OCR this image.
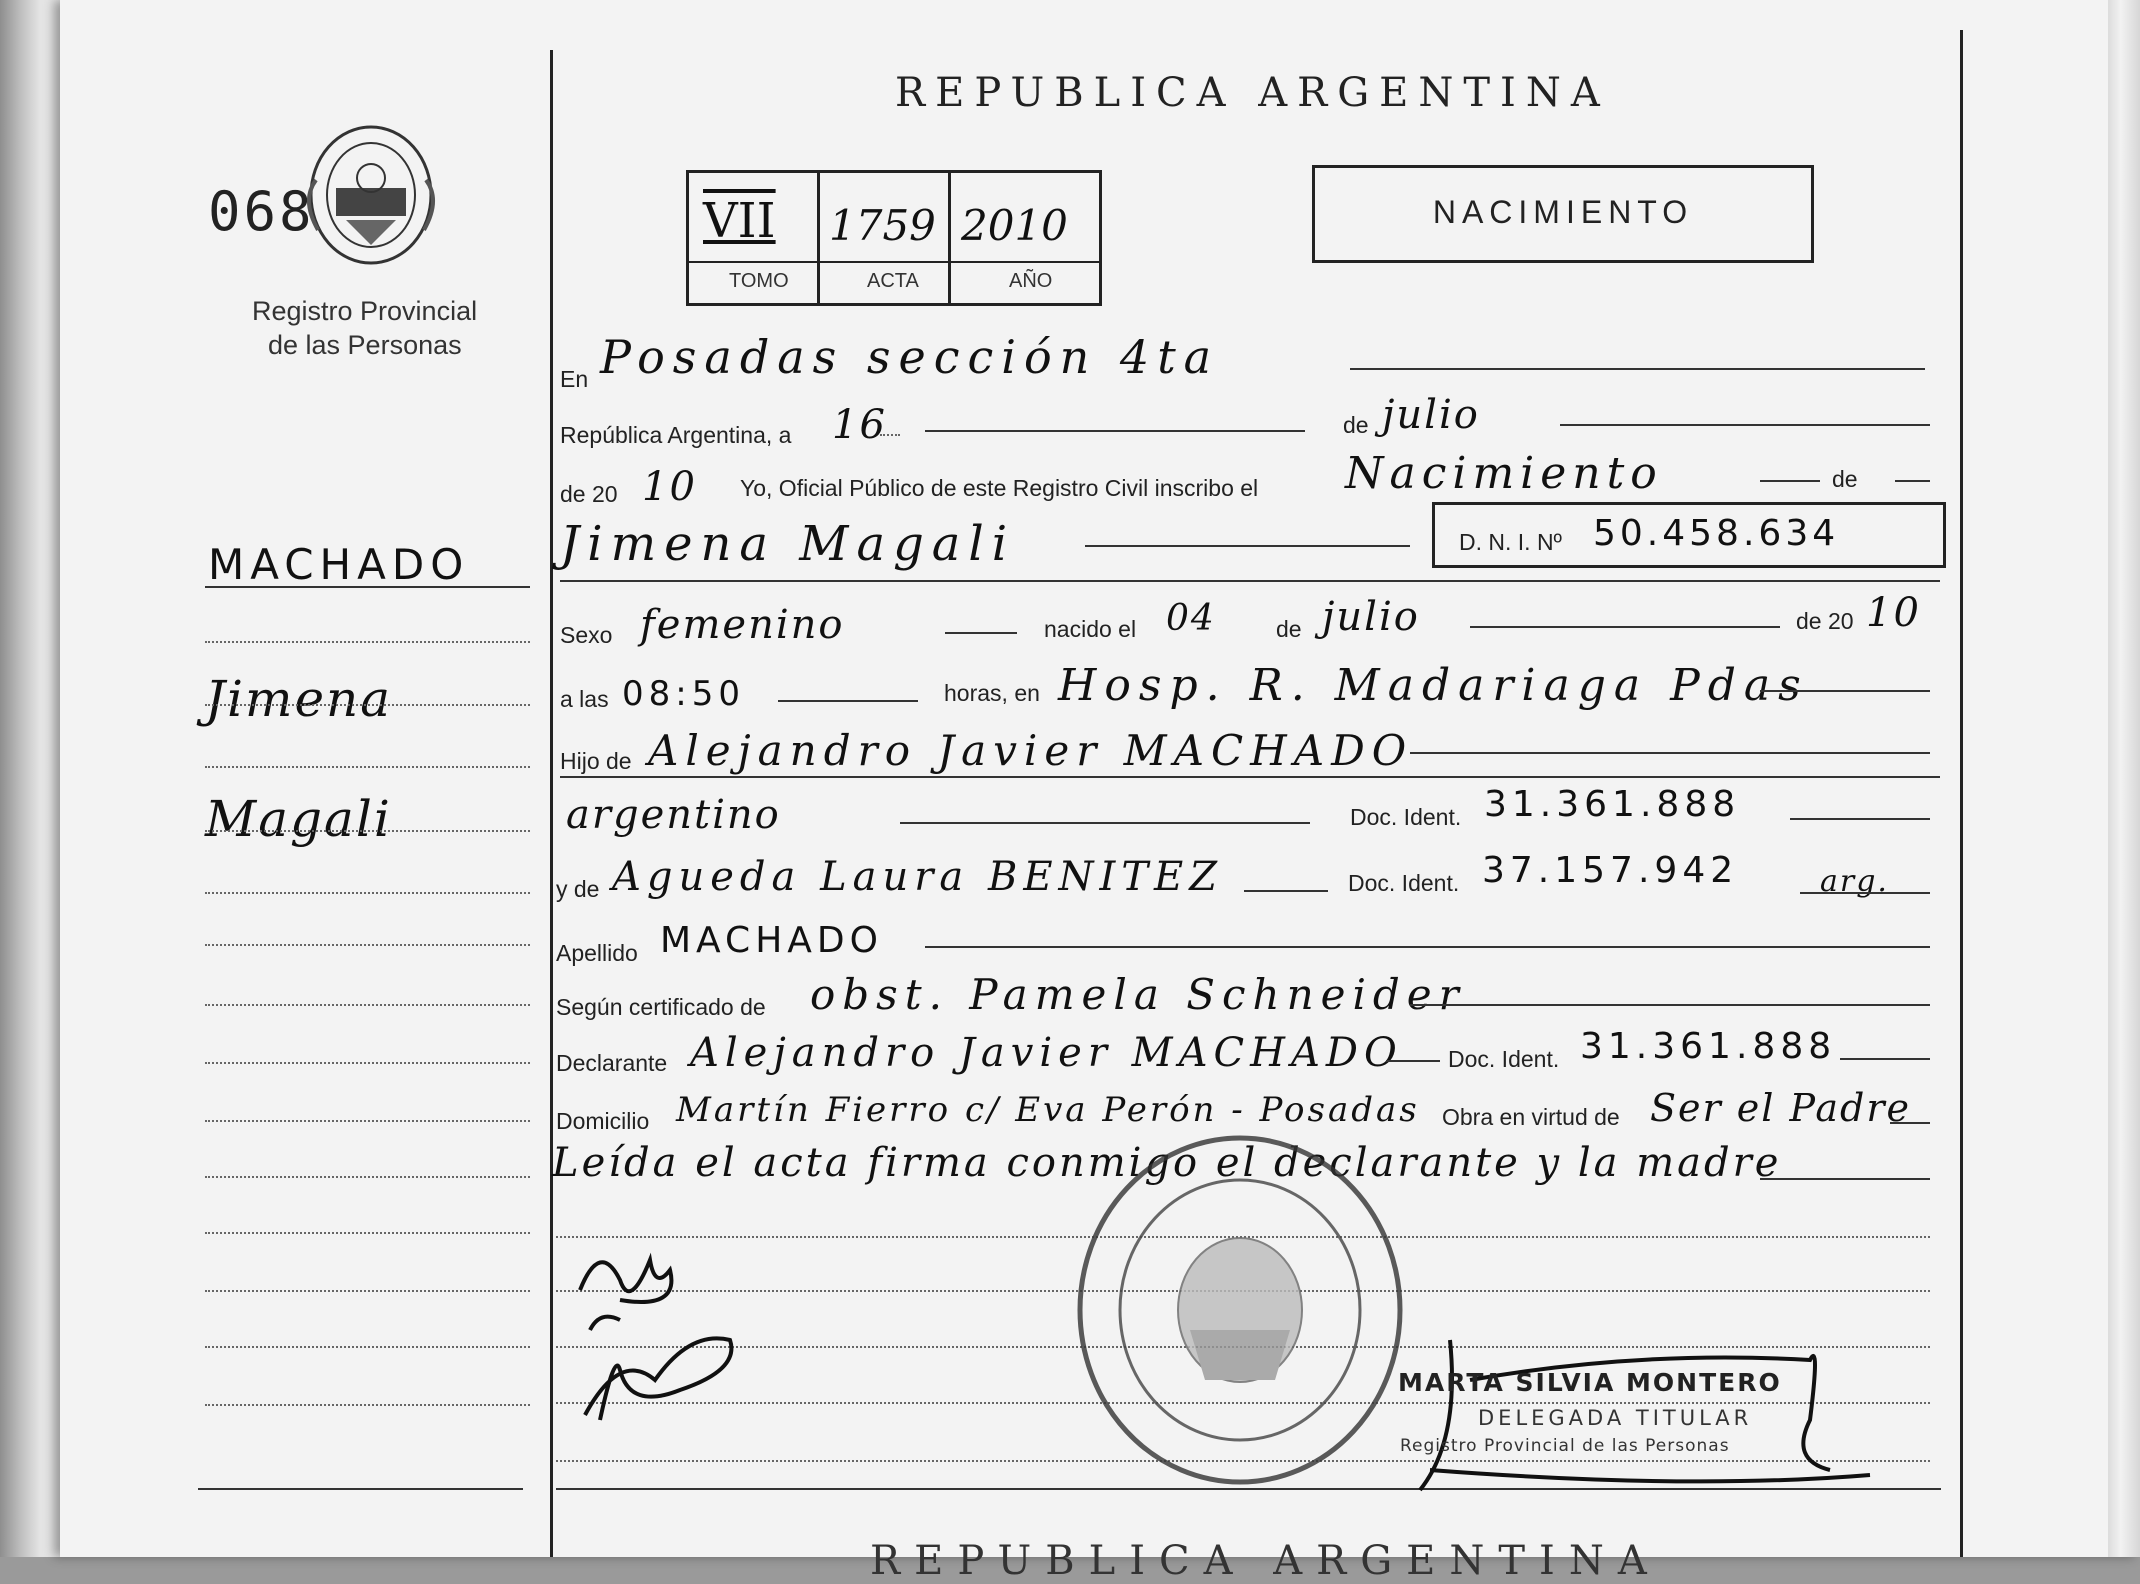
REPUBLICA ARGENTINA
068
Registro Provincial
de las Personas
VII 1759 2010
TOMO	ACTA	AÑO
NACIMIENTO
MACHADO
Jimena
Magali
En Posadas sección 4ta
República Argentina, a 16	de julio
de 20 10 Yo, Oficial Público de este Registro Civil inscribo el Nacimiento	de
Jimena Magali	D. N. I. Nº 50.458.634
Sexo femenino	nacido el 04	de julio	de 20 10
a las 08:50	horas, en Hosp. R. Madariaga Pdas
Hijo de Alejandro Javier MACHADO
argentino	Doc. Ident. 31.361.888
y de Agueda Laura BENITEZ	Doc. Ident. 37.157.942	arg.
Apellido MACHADO
Según certificado de obst. Pamela Schneider
Declarante Alejandro Javier MACHADO Doc. Ident. 31.361.888
Domicilio Martín Fierro c/ Eva Perón - Posadas Obra en virtud de Ser el Padre
Leída el acta firma conmigo el declarante y la madre
MARTA SILVIA MONTERO
DELEGADA TITULAR
Registro Provincial de las Personas
REPUBLICA ARGENTINA
